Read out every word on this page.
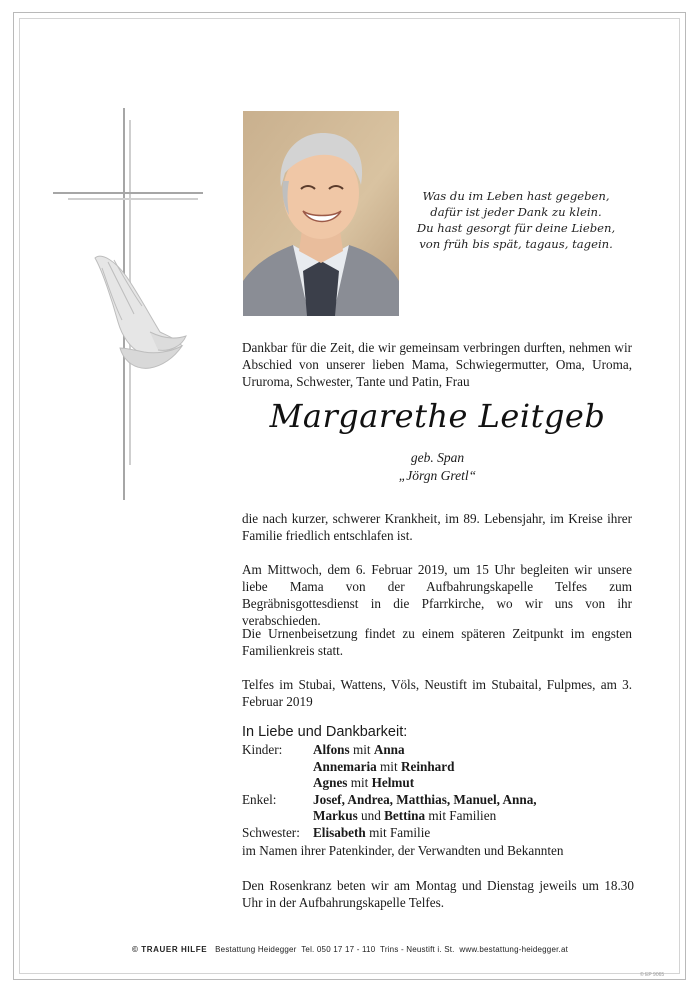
Was du im Leben hast gegeben,
dafür ist jeder Dank zu klein.
Du hast gesorgt für deine Lieben,
von früh bis spät, tagaus, tagein.
Dankbar für die Zeit, die wir gemeinsam verbringen durften, nehmen wir Abschied von unserer lieben Mama, Schwiegermutter, Oma, Uroma, Ururoma, Schwester, Tante und Patin, Frau
Margarethe Leitgeb
geb. Span
„Jörgn Gretl“
die nach kurzer, schwerer Krankheit, im 89. Lebensjahr, im Kreise ihrer Familie friedlich entschlafen ist.
Am Mittwoch, dem 6. Februar 2019, um 15 Uhr begleiten wir unsere liebe Mama von der Aufbahrungskapelle Telfes zum Begräbnisgottesdienst in die Pfarrkirche, wo wir uns von ihr verabschieden.
Die Urnenbeisetzung findet zu einem späteren Zeitpunkt im engsten Familienkreis statt.
Telfes im Stubai, Wattens, Völs, Neustift im Stubaital, Fulpmes, am 3. Februar 2019
In Liebe und Dankbarkeit:
Kinder:	Alfons mit Anna
Annemaria mit Reinhard
Agnes mit Helmut
Enkel:	Josef, Andrea, Matthias, Manuel, Anna,
Markus und Bettina mit Familien
Schwester: Elisabeth mit Familie
im Namen ihrer Patenkinder, der Verwandten und Bekannten
Den Rosenkranz beten wir am Montag und Dienstag jeweils um 18.30 Uhr in der Aufbahrungskapelle Telfes.
© TRAUER HILFE Bestattung Heidegger  Tel. 050 17 17 - 110  Trins - Neustift i. St.  www.bestattung-heidegger.at
© EP 9065
